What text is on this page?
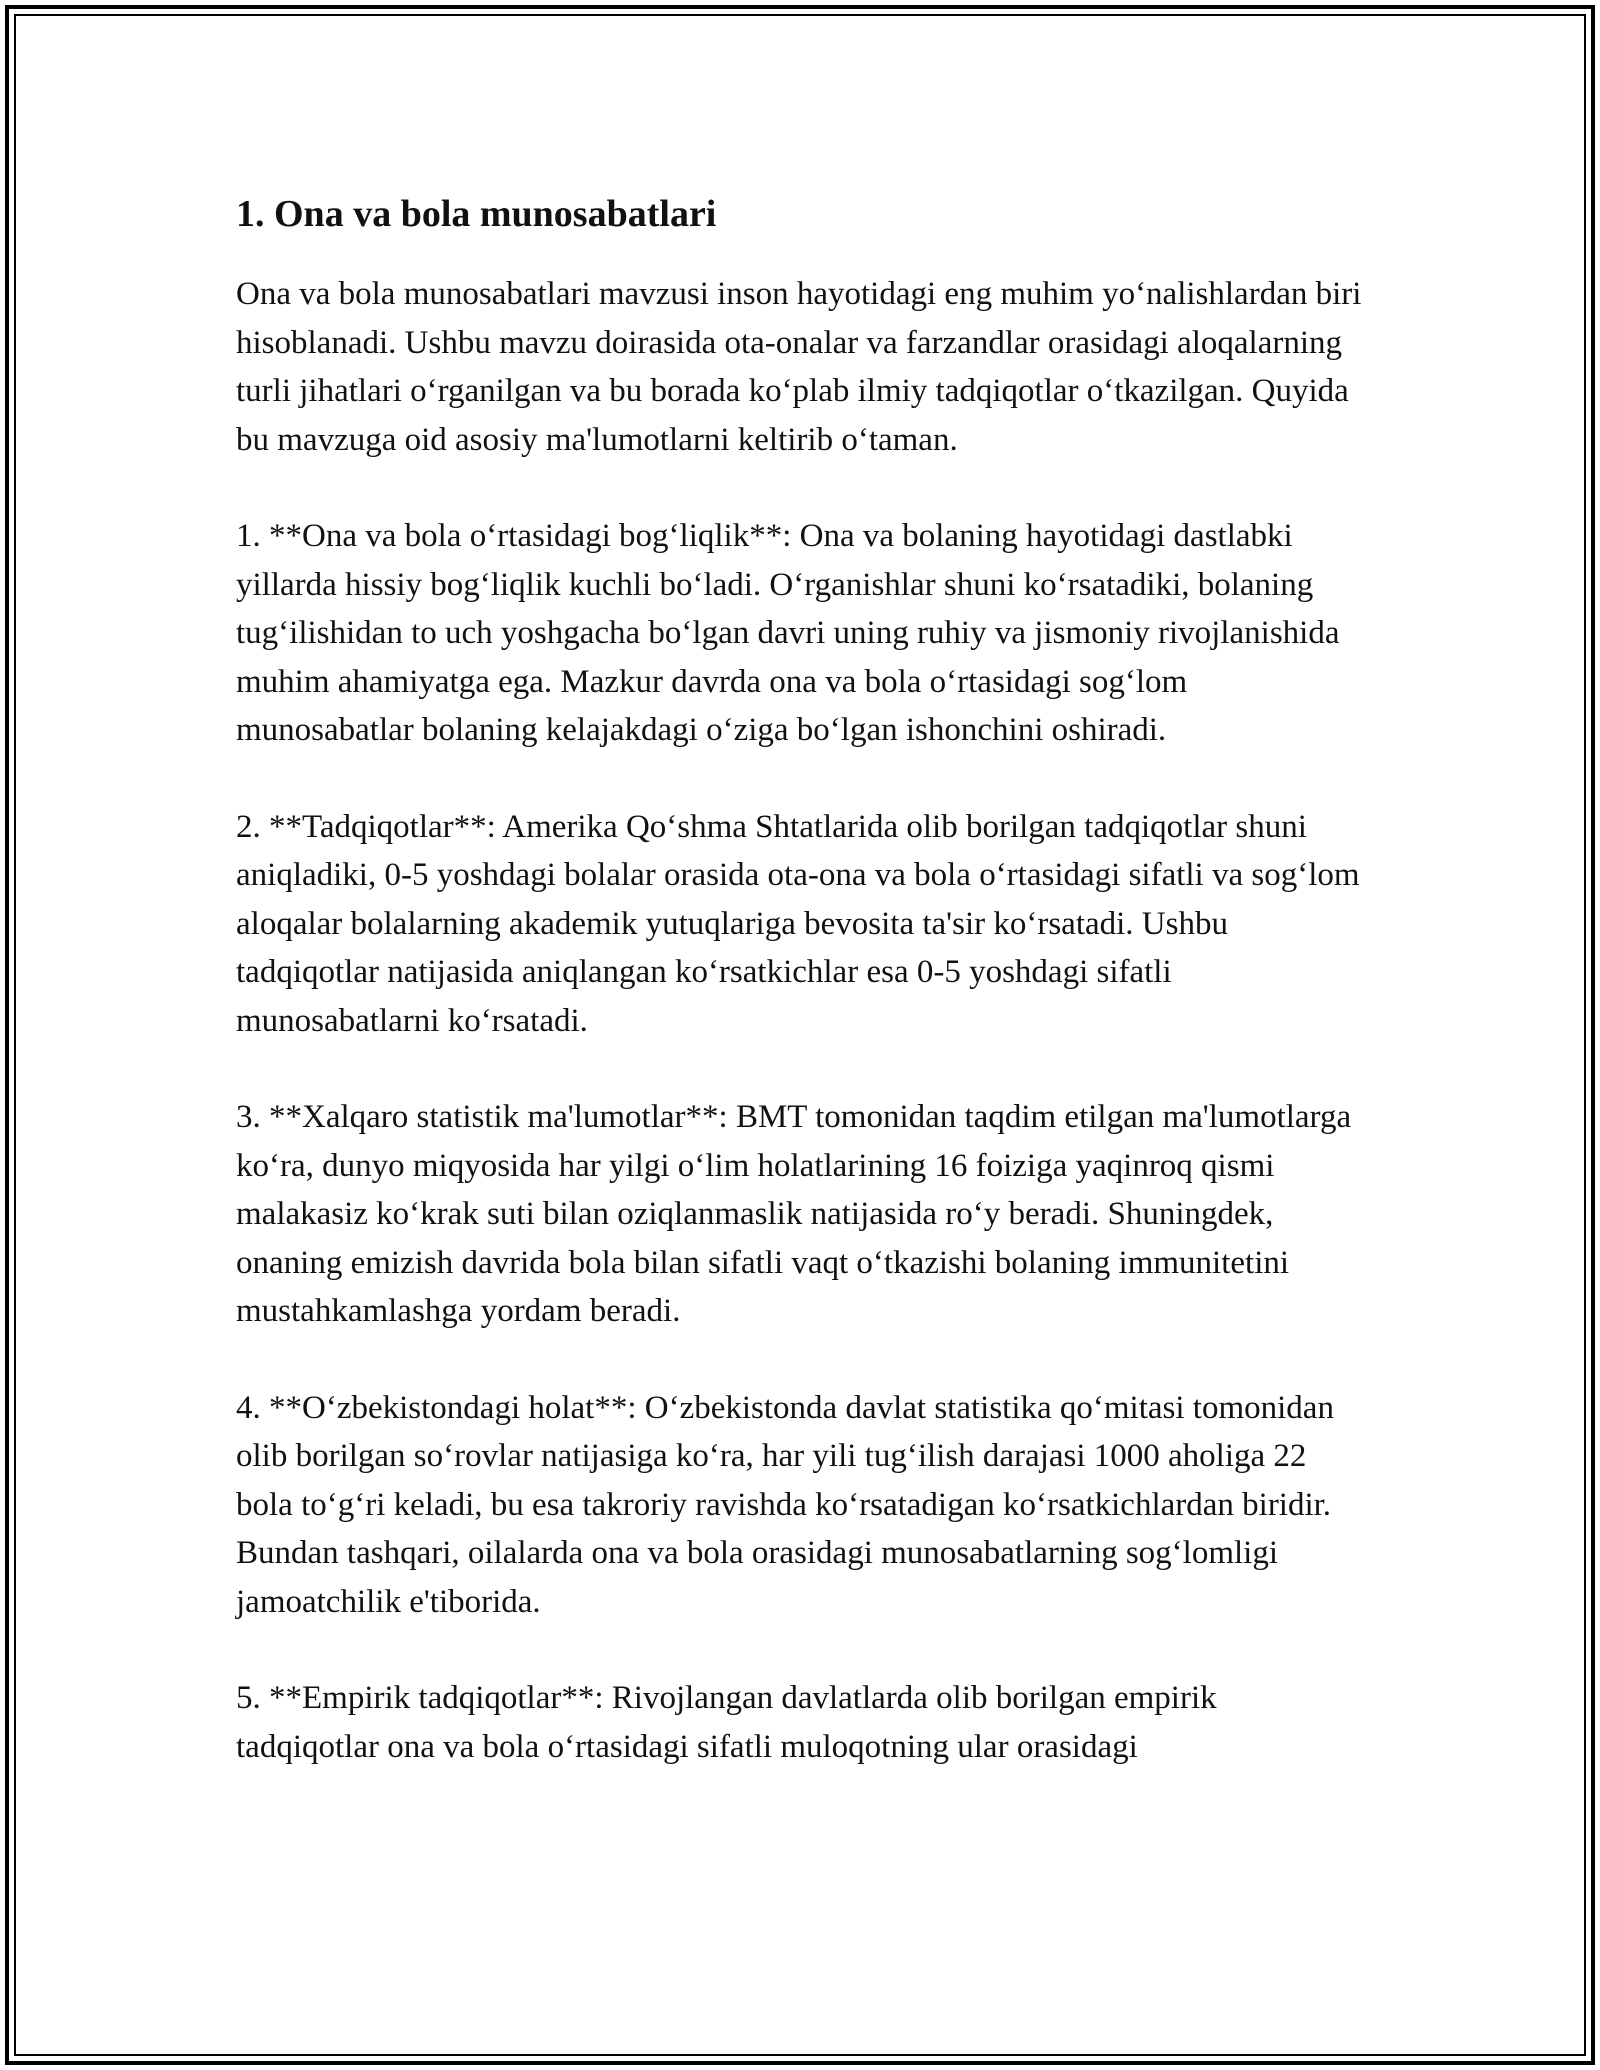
1. Ona va bola munosabatlari

Ona va bola munosabatlari mavzusi inson hayotidagi eng muhim yo‘nalishlardan biri hisoblanadi. Ushbu mavzu doirasida ota-onalar va farzandlar orasidagi aloqalarning turli jihatlari o‘rganilgan va bu borada ko‘plab ilmiy tadqiqotlar o‘tkazilgan. Quyida bu mavzuga oid asosiy ma'lumotlarni keltirib o‘taman.

1. **Ona va bola o‘rtasidagi bog‘liqlik**: Ona va bolaning hayotidagi dastlabki yillarda hissiy bog‘liqlik kuchli bo‘ladi. O‘rganishlar shuni ko‘rsatadiki, bolaning tug‘ilishidan to uch yoshgacha bo‘lgan davri uning ruhiy va jismoniy rivojlanishida muhim ahamiyatga ega. Mazkur davrda ona va bola o‘rtasidagi sog‘lom munosabatlar bolaning kelajakdagi o‘ziga bo‘lgan ishonchini oshiradi.

2. **Tadqiqotlar**: Amerika Qo‘shma Shtatlarida olib borilgan tadqiqotlar shuni aniqladiki, 0-5 yoshdagi bolalar orasida ota-ona va bola o‘rtasidagi sifatli va sog‘lom aloqalar bolalarning akademik yutuqlariga bevosita ta'sir ko‘rsatadi. Ushbu tadqiqotlar natijasida aniqlangan ko‘rsatkichlar esa 0-5 yoshdagi sifatli munosabatlarni ko‘rsatadi.

3. **Xalqaro statistik ma'lumotlar**: BMT tomonidan taqdim etilgan ma'lumotlarga ko‘ra, dunyo miqyosida har yilgi o‘lim holatlarining 16 foiziga yaqinroq qismi malakasiz ko‘krak suti bilan oziqlanmaslik natijasida ro‘y beradi. Shuningdek, onaning emizish davrida bola bilan sifatli vaqt o‘tkazishi bolaning immunitetini mustahkamlashga yordam beradi.

4. **O‘zbekistondagi holat**: O‘zbekistonda davlat statistika qo‘mitasi tomonidan olib borilgan so‘rovlar natijasiga ko‘ra, har yili tug‘ilish darajasi 1000 aholiga 22 bola to‘g‘ri keladi, bu esa takroriy ravishda ko‘rsatadigan ko‘rsatkichlardan biridir. Bundan tashqari, oilalarda ona va bola orasidagi munosabatlarning sog‘lomligi jamoatchilik e'tiborida.

5. **Empirik tadqiqotlar**: Rivojlangan davlatlarda olib borilgan empirik tadqiqotlar ona va bola o‘rtasidagi sifatli muloqotning ular orasidagi
